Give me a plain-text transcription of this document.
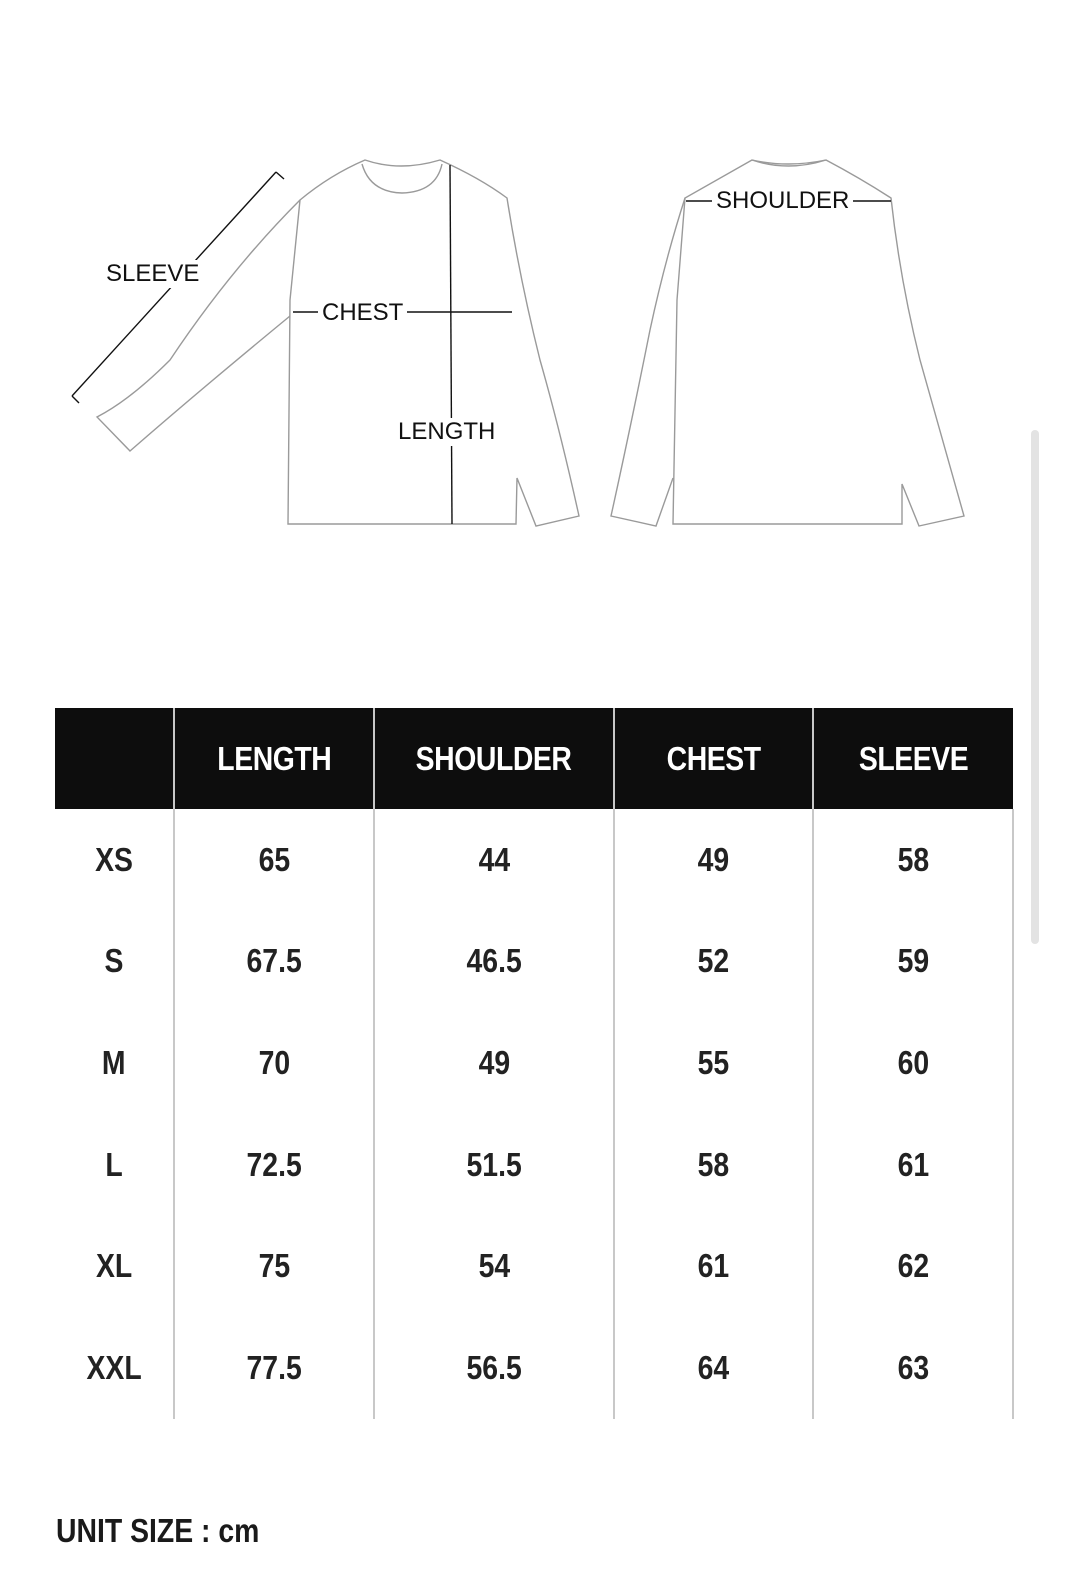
SLEEVE
CHEST
LENGTH
SHOULDER
	LENGTH	SHOULDER	CHEST	SLEEVE
XS	65	44	49	58
S	67.5	46.5	52	59
M	70	49	55	60
L	72.5	51.5	58	61
XL	75	54	61	62
XXL	77.5	56.5	64	63

UNIT SIZE : cm
